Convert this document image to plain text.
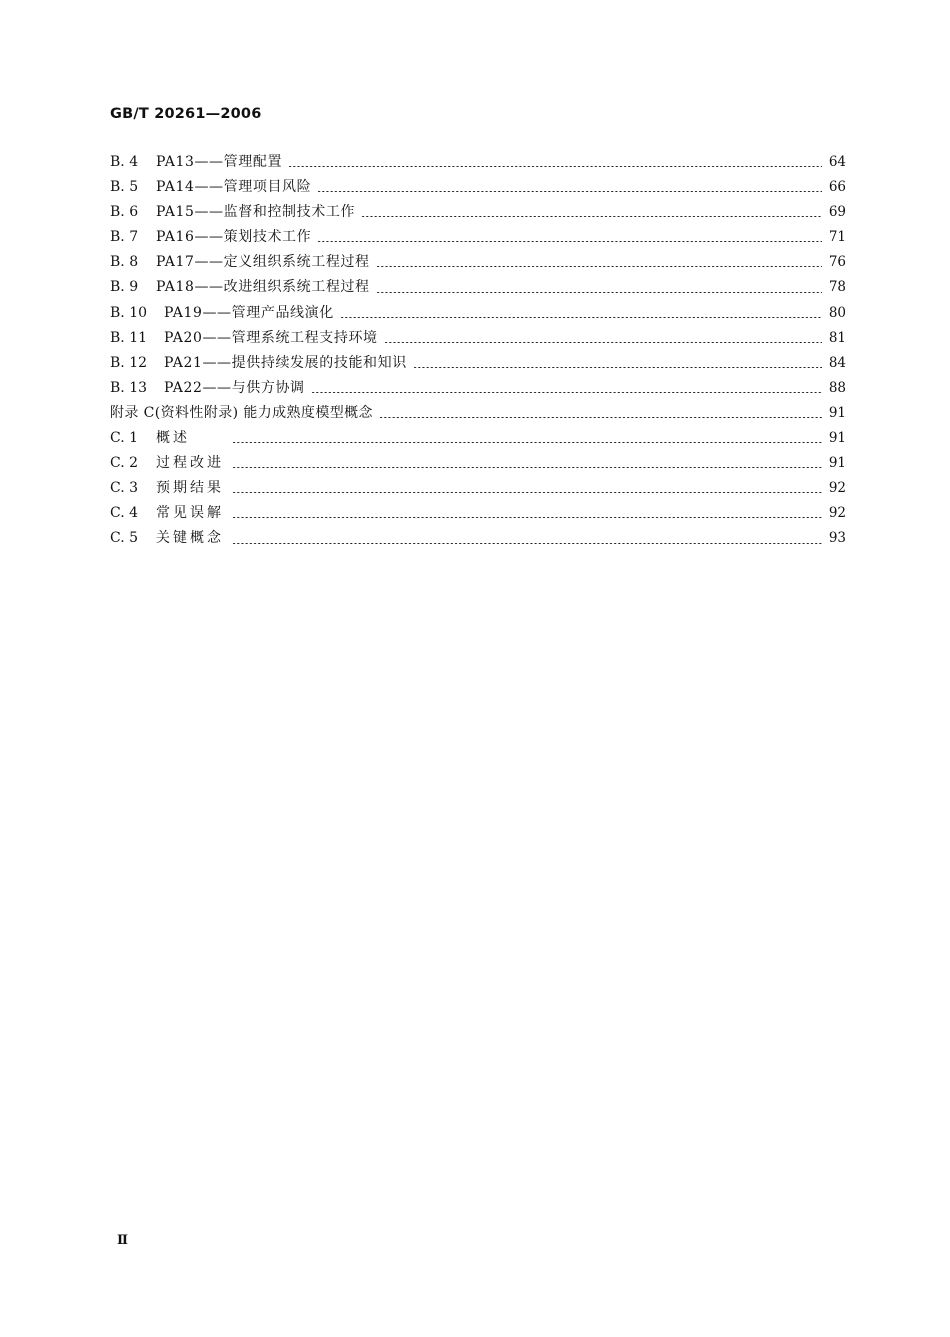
GB/T 20261—2006
B. 4	PA13——管理配置	64
B. 5	PA14——管理项目风险	66
B. 6	PA15——监督和控制技术工作	69
B. 7	PA16——策划技术工作	71
B. 8	PA17——定义组织系统工程过程	76
B. 9	PA18——改进组织系统工程过程	78
B. 10	PA19——管理产品线演化	80
B. 11	PA20——管理系统工程支持环境	81
B. 12	PA21——提供持续发展的技能和知识	84
B. 13	PA22——与供方协调	88
附录 C(资料性附录) 能力成熟度模型概念	91
C. 1	概述	91
C. 2	过程改进	91
C. 3	预期结果	92
C. 4	常见误解	92
C. 5	关键概念	93
Ⅱ
